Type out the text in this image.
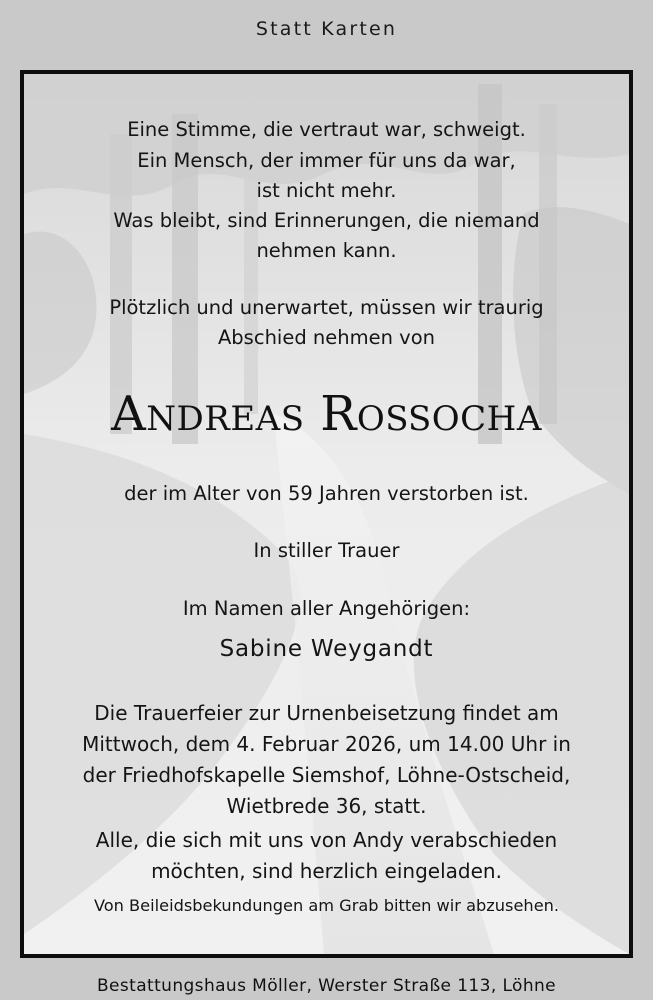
Statt Karten
Eine Stimme, die vertraut war, schweigt.
Ein Mensch, der immer für uns da war,
ist nicht mehr.
Was bleibt, sind Erinnerungen, die niemand
nehmen kann.
Plötzlich und unerwartet, müssen wir traurig
Abschied nehmen von
Andreas Roßocha
der im Alter von 59 Jahren verstorben ist.
In stiller Trauer
Im Namen aller Angehörigen:
Sabine Weygandt
Die Trauerfeier zur Urnenbeisetzung findet am
Mittwoch, dem 4. Februar 2026, um 14.00 Uhr in
der Friedhofskapelle Siemshof, Löhne-Ostscheid,
Wietbrede 36, statt.
Alle, die sich mit uns von Andy verabschieden
möchten, sind herzlich eingeladen.
Von Beileidsbekundungen am Grab bitten wir abzusehen.
Bestattungshaus Möller, Werster Straße 113, Löhne
